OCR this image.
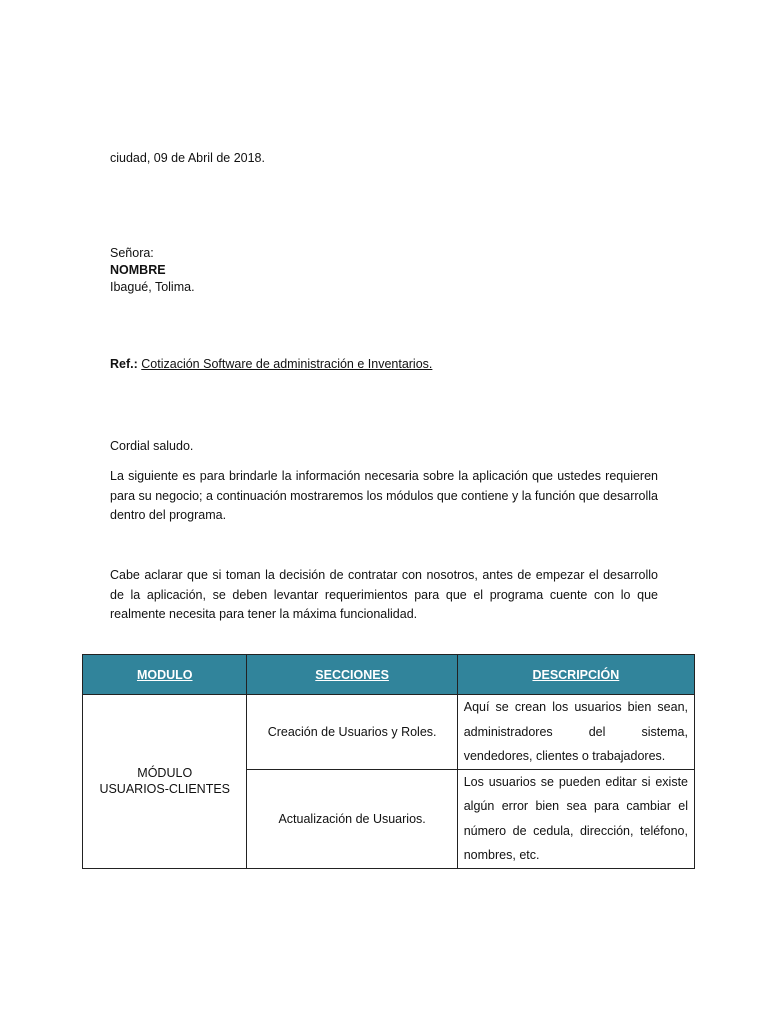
ciudad, 09 de Abril de 2018.
Señora:
NOMBRE
Ibagué, Tolima.
Ref.: Cotización Software de administración e Inventarios.
Cordial saludo.

La siguiente es para brindarle la información necesaria sobre la aplicación que ustedes requieren para su negocio; a continuación mostraremos los módulos que contiene y la función que desarrolla dentro del programa.

Cabe aclarar que si toman la decisión de contratar con nosotros, antes de empezar el desarrollo de la aplicación, se deben levantar requerimientos para que el programa cuente con lo que realmente necesita para tener la máxima funcionalidad.

MODULO	SECCIONES	DESCRIPCIÓN

MÓDULO
USUARIOS-CLIENTES	Creación de Usuarios y Roles.	Aquí se crean los usuarios bien sean, administradores del sistema, vendedores, clientes o trabajadores.
	Actualización de Usuarios.	Los usuarios se pueden editar si existe algún error bien sea para cambiar el número de cedula, dirección, teléfono, nombres, etc.
